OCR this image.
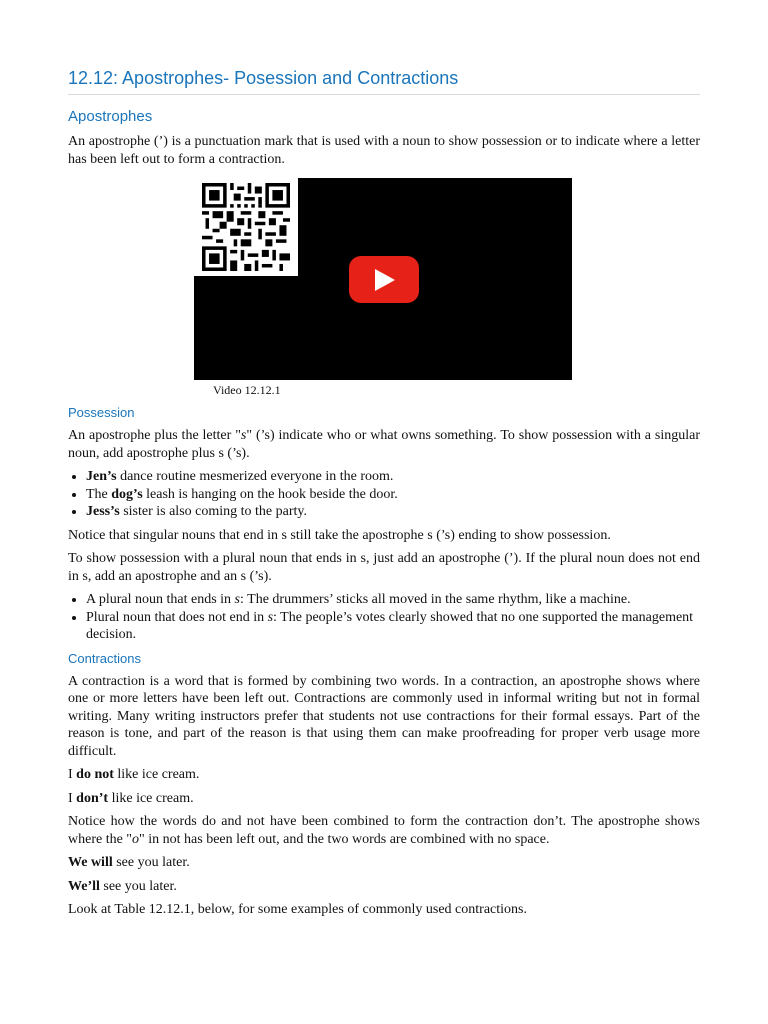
12.12: Apostrophes- Posession and Contractions
Apostrophes

An apostrophe (’) is a punctuation mark that is used with a noun to show possession or to indicate where a letter has been left out to form a contraction.

Video 12.12.1
Possession

An apostrophe plus the letter "s" (’s) indicate who or what owns something. To show possession with a singular noun, add apostrophe plus s (’s).

• Jen’s dance routine mesmerized everyone in the room.
• The dog’s leash is hanging on the hook beside the door.
• Jess’s sister is also coming to the party.

Notice that singular nouns that end in s still take the apostrophe s (’s) ending to show possession.

To show possession with a plural noun that ends in s, just add an apostrophe (’). If the plural noun does not end in s, add an apostrophe and an s (’s).

• A plural noun that ends in s: The drummers’ sticks all moved in the same rhythm, like a machine.
• Plural noun that does not end in s: The people’s votes clearly showed that no one supported the management decision.
Contractions

A contraction is a word that is formed by combining two words. In a contraction, an apostrophe shows where one or more letters have been left out. Contractions are commonly used in informal writing but not in formal writing. Many writing instructors prefer that students not use contractions for their formal essays. Part of the reason is tone, and part of the reason is that using them can make proofreading for proper verb usage more difficult.

I do not like ice cream.

I don’t like ice cream.

Notice how the words do and not have been combined to form the contraction don’t. The apostrophe shows where the "o" in not has been left out, and the two words are combined with no space.

We will see you later.

We’ll see you later.

Look at Table 12.12.1, below, for some examples of commonly used contractions.
